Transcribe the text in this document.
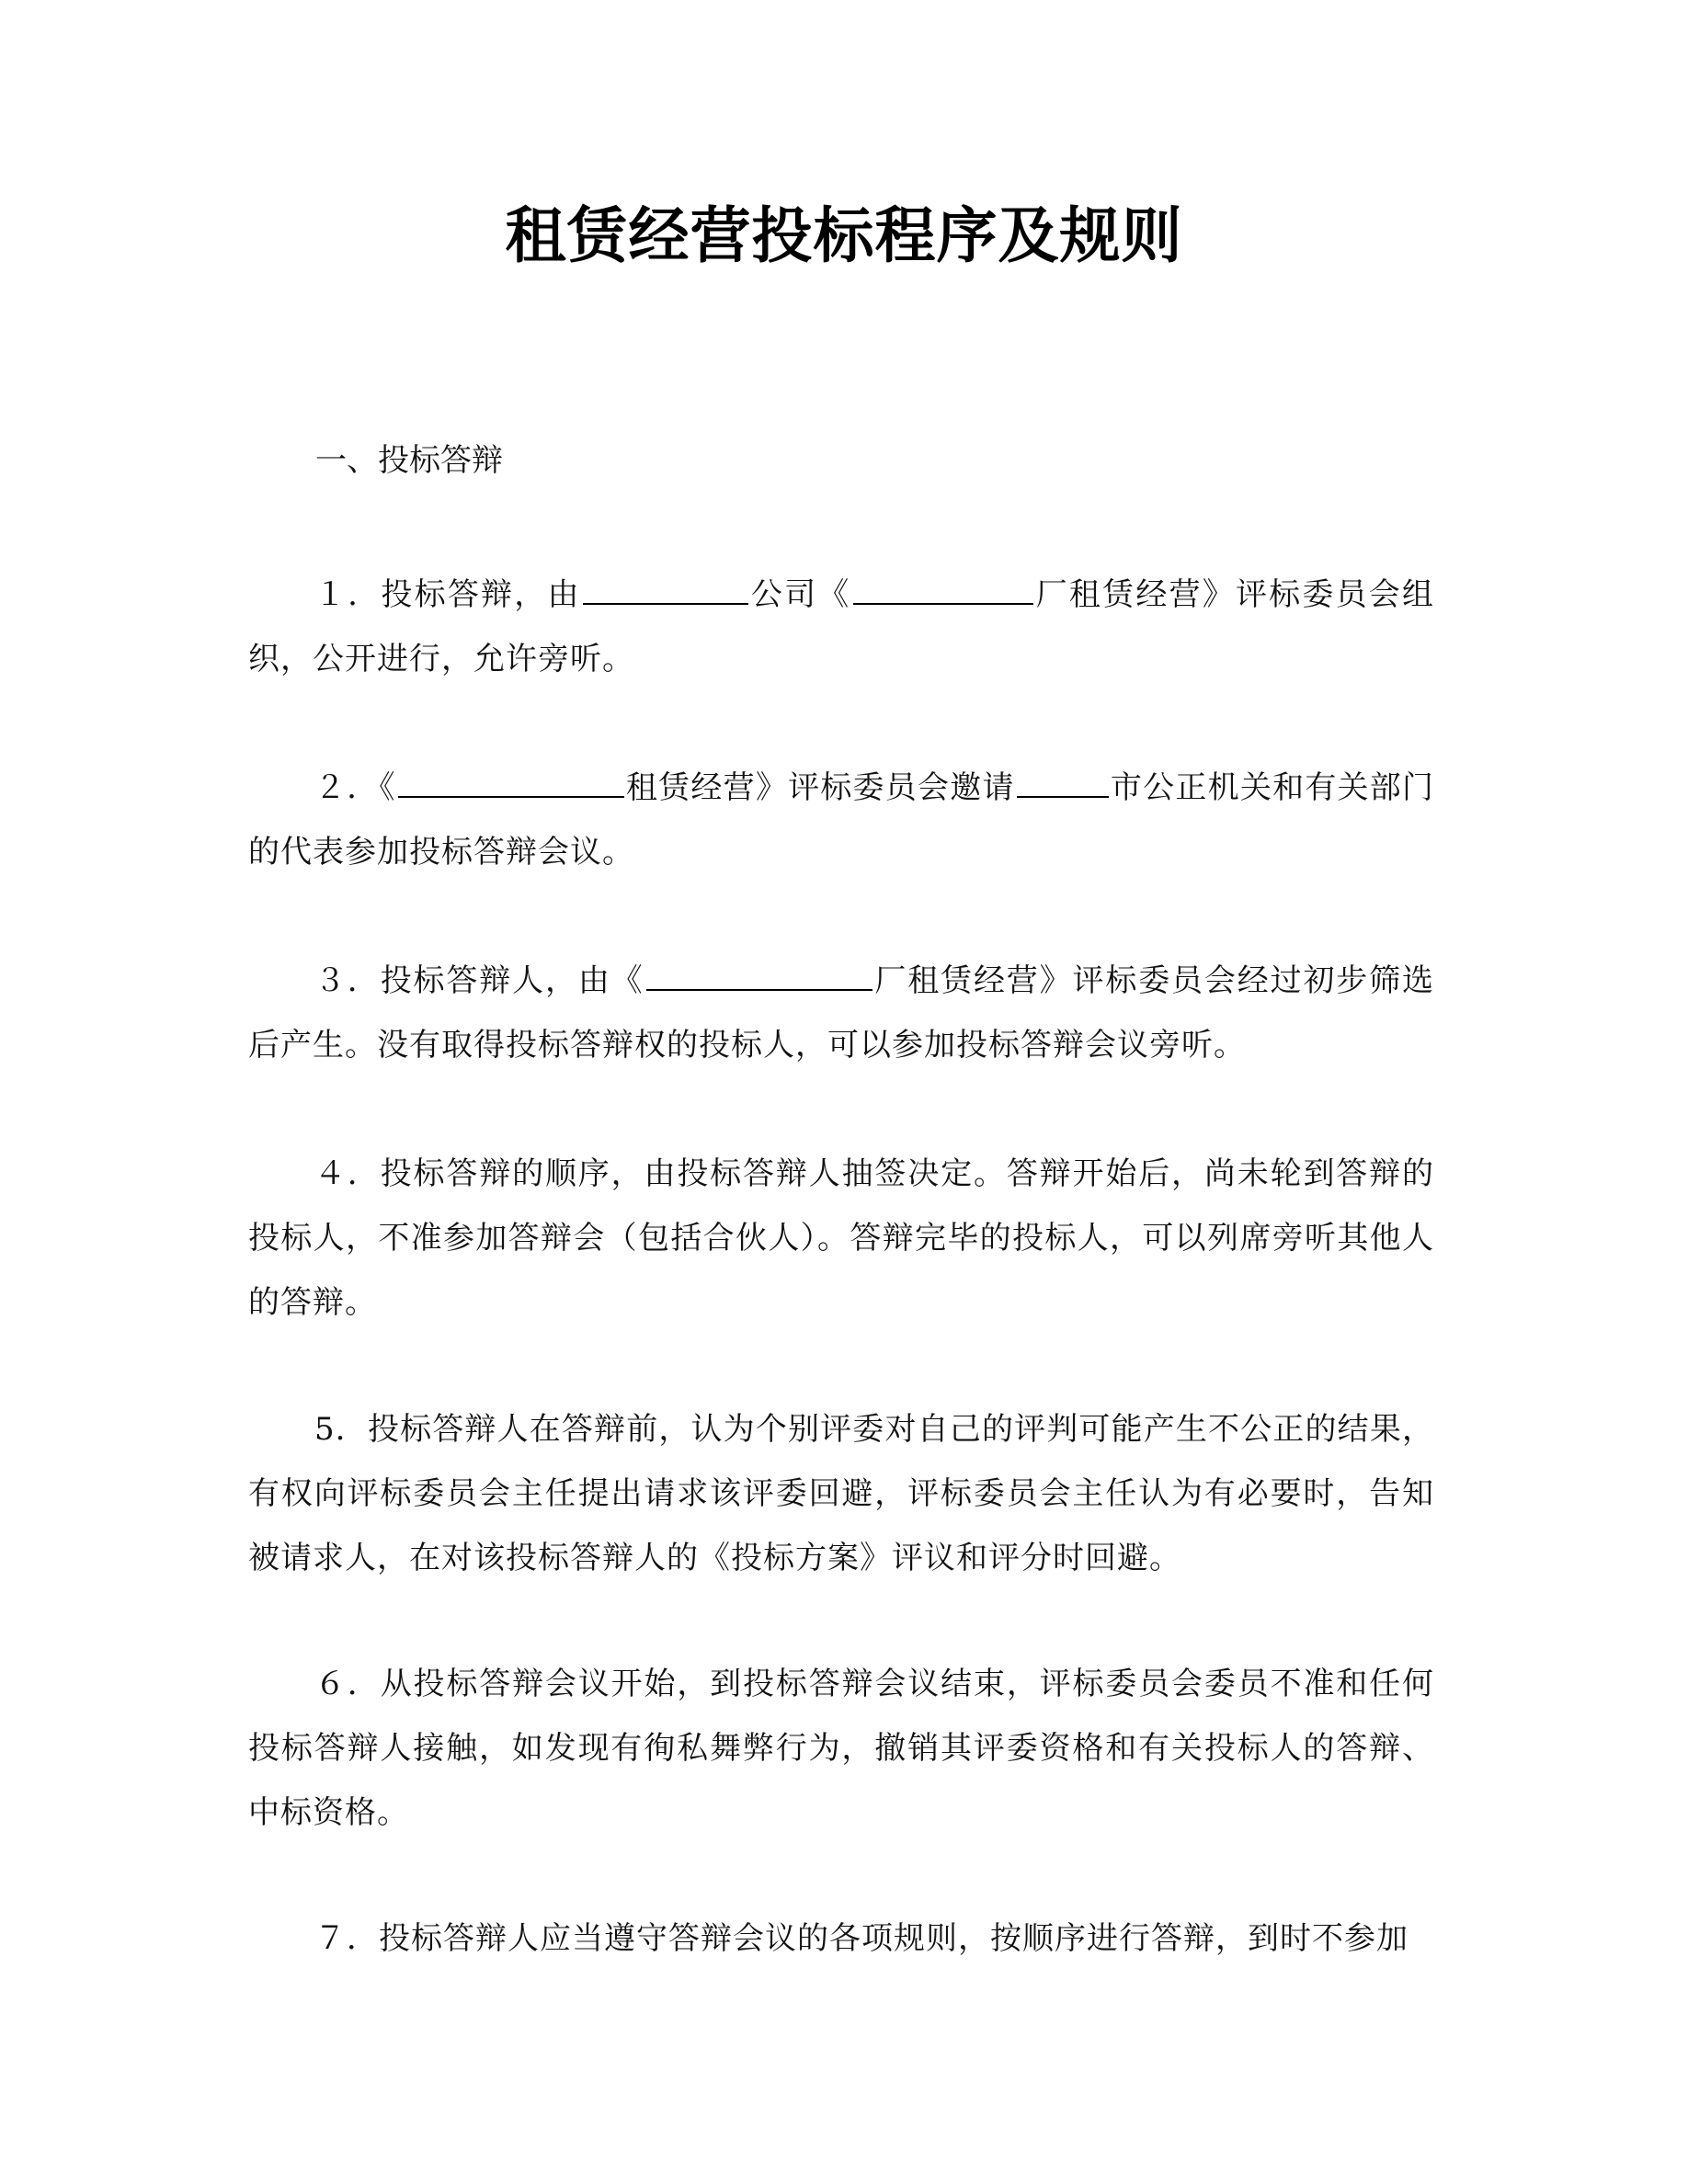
租赁经营投标程序及规则
一、投标答辩
１．投标答辩，由	公司《	厂租赁经营》评标委员会组织，公开进行，允许旁听。
２．《	租赁经营》评标委员会邀请	市公正机关和有关部门的代表参加投标答辩会议。
３．投标答辩人，由《	厂租赁经营》评标委员会经过初步筛选后产生。没有取得投标答辩权的投标人，可以参加投标答辩会议旁听。
４．投标答辩的顺序，由投标答辩人抽签决定。答辩开始后，尚未轮到答辩的投标人，不准参加答辩会（包括合伙人）。答辩完毕的投标人，可以列席旁听其他人的答辩。
5．投标答辩人在答辩前，认为个别评委对自己的评判可能产生不公正的结果，有权向评标委员会主任提出请求该评委回避，评标委员会主任认为有必要时，告知被请求人，在对该投标答辩人的《投标方案》评议和评分时回避。
６．从投标答辩会议开始，到投标答辩会议结束，评标委员会委员不准和任何投标答辩人接触，如发现有徇私舞弊行为，撤销其评委资格和有关投标人的答辩、中标资格。
７．投标答辩人应当遵守答辩会议的各项规则，按顺序进行答辩，到时不参加
